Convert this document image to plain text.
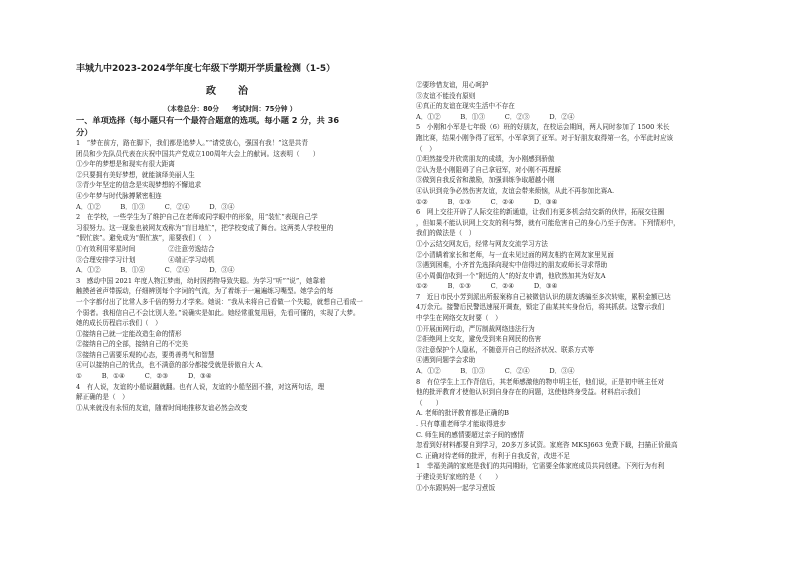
丰城九中2023-2024学年度七年级下学期开学质量检测（1-5）
政　治
（本卷总分：80分　　考试时间：75分钟 ）
一、单项选择（每小题只有一个最符合题意的选项。每小题 2 分，共 36
分）
1　“梦在前方，路在脚下，我们都是追梦人。”“请党放心，强国有我！”这是共青
团员和少先队员代表在庆祝中国共产党成立100周年大会上的献词。这表明（　　）
①少年的梦想是和现实有很大距离
②只要拥有美好梦想，就能演绎美丽人生
③青少年坚定的信念是实现梦想的不懈追求
④少年梦与时代脉搏紧密相连
A．①②　　　B．①③　　　C．②④　　　D．③④
2　在学校，一些学生为了维护自己在老师或同学眼中的形象，用“装忙”表现自己学
习很努力。这一现象也被网友戏称为“盲目地忙”，把学校变成了舞台。这两类人学校里的
“假忙族”。避免成为“假忙族”，需要我们（　）
①有效利用零星时间　　　　　②注意劳逸结合
③合理安排学习计划　　　　　④端正学习动机
A．①②　　　B．①④　　　C．②④　　　D．③④
3　感动中国 2021 年度人物江梦南，幼时因药物导致失聪。为学习“听”“说”，她靠着
触摸爸爸声带振动，仔细辨别每个字词的气流，为了着练于一遍遍练习嘴型。她学会的每
一个字都付出了比常人多千倍的努力才学来。她说：“我从未将自己看做一个失聪，就想自己看成一
个弱者。我相信自己不会比别人差。”说确实是如此。她经常重复用唇，先看可懂的，实现了大梦。
她的成长历程启示我们（　）
①接纳自己就一定能改造生命的情形
②接纳自己的全部，接纳自己的不完美
③接纳自己需要乐观的心态，要勇善勇气和智慧
④可以接纳自己的优点，也不满意的部分都接受就是骄傲自大 A．
①　　　B．①④　　　C．②③　　　D．③④
4　有人说，友谊的小船说翻就翻。也有人说，友谊的小船坚固不推，对这两句话，理
解正确的是（　）
①从来就没有永恒的友谊，随着时间地推移友谊必然会改变
②要珍惜友谊，用心呵护
③友谊不能没有原则
④真正的友谊在现实生活中不存在
A．①②　　　B．①③　　　C．②③　　　D．②④
5　小刚和小军是七年级（6）班的好朋友，在校运会期间，两人同时参加了 1500 米长
跑比赛，结果小刚争得了冠军，小军拿到了亚军。对于好朋友取得第一名，小军此时应该
（　）
①坦然接受并欣赏朋友的成绩，为小刚感到骄傲
②认为是小刚阻碍了自己拿冠军，对小刚不再理睬
③做到自我反省和激励，加强训练争取超越小刚
④认识到竞争必然伤害友谊，友谊会带来烦恼，从此不再参加比赛A.
①②　　　B．①③　　　C．②④　　　D．③④
6　网上交往开辟了人际交往的新通道，让我们有更多机会结交新的伙伴，拓展交往圈
，但如果不能认识网上交友的利与弊，就有可能危害自己的身心乃至于伤害。下列情形中，
我们的做法是（　）
①小云结交网友后，经常与网友交流学习方法
②小清瞒着家长和老师，与一直未见过面的网友相约在网友家里见面
③遇到困难，小齐首先选择向现实中信得过的朋友或师长寻求帮助
④小周偶信收到一个“附近的人”的好友申请，他欣然加其为好友A
①②　　　B．①③　　　C．②④　　　D．③④
7　近日市民小芳到派出所报案称自己被微信认识的朋友诱骗至多次转账，累积金额已达
4万余元。接警后民警迅速展开调查，锁定了曲某其实身份后，将其抓获。这警示我们
中学生在网络交友时要（　）
①开展面网行动，严厉制裁网络违法行为
②拒绝网上交友，避免受到来自网民的伤害
③注意保护个人隐私，不随意开自己的经济状况、联系方式等
④遇到问题学会求助
A．①②　　　B．①③　　　C．②④　　　D．③④
8　有位学生上工作背信后，其老师感激他的物申明主任，他们说，正是初中班主任对
他的批评教育才使他认识到自身存在的问题，这使他终身受益。材料启示我们
（　　）
A. 老师的批评教育都是正确的B
. 只有尊重老师学才能取得进步
C. 师生间的感情要超过亲子间的感情
忽看到好材料都要自到学习，20多万多试资。家庭咨 MKSJ663 免费下载，扫描正价最高
C. 正确对待老师的批评，有利于自我反省，改进不足
1　幸福美满的家庭是我们的共同期盼，它需要全体家庭成员共同创建。下列行为有利
于建设美好家庭的是（　　）
①小东跟妈妈一起学习煮饭
